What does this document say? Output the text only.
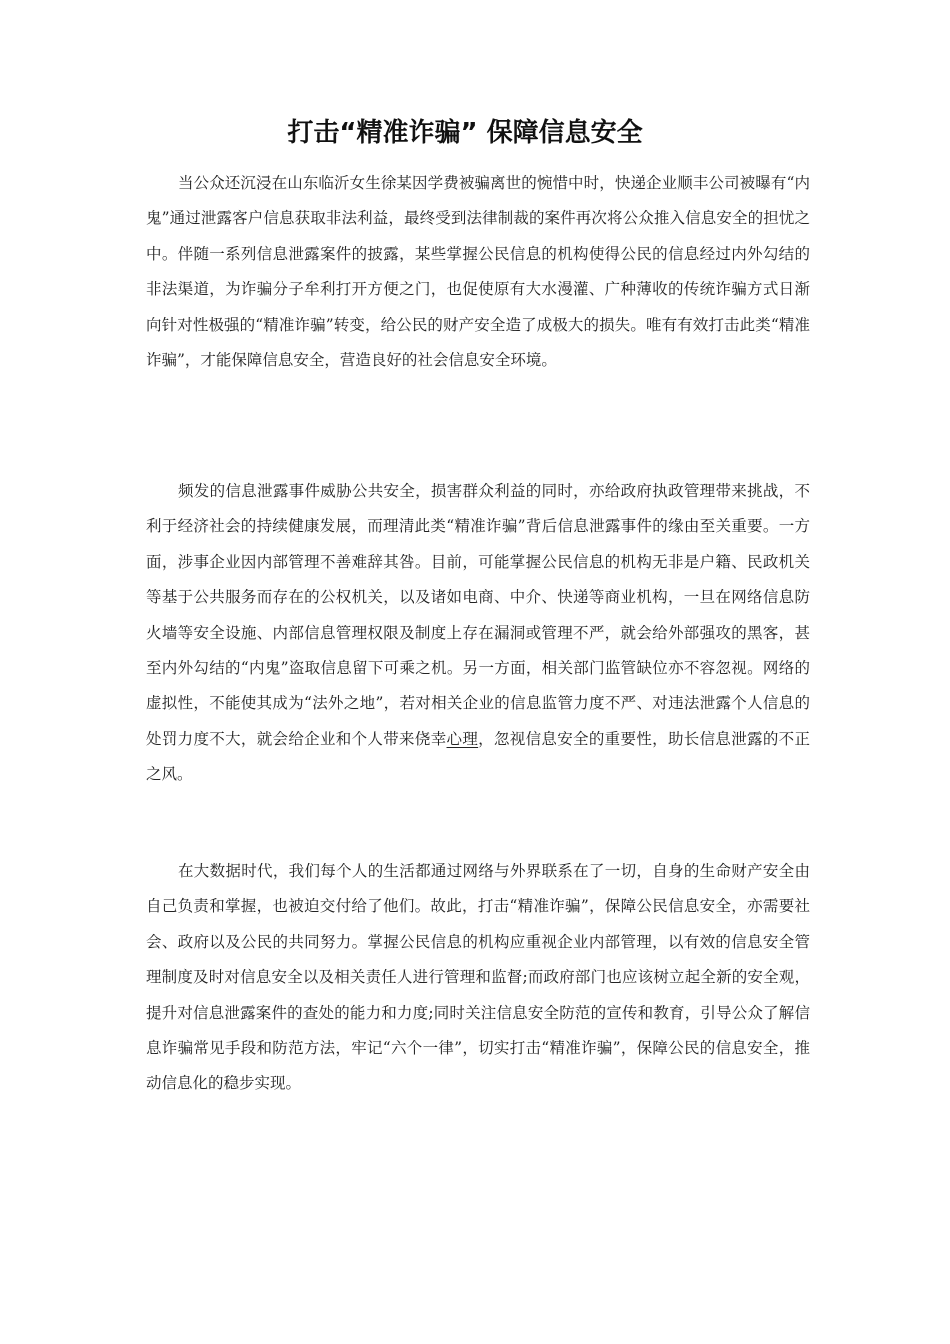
打击“精准诈骗” 保障信息安全

当公众还沉浸在山东临沂女生徐某因学费被骗离世的惋惜中时，快递企业顺丰公司被曝有“内鬼”通过泄露客户信息获取非法利益，最终受到法律制裁的案件再次将公众推入信息安全的担忧之中。伴随一系列信息泄露案件的披露，某些掌握公民信息的机构使得公民的信息经过内外勾结的非法渠道，为诈骗分子牟利打开方便之门，也促使原有大水漫灌、广种薄收的传统诈骗方式日渐向针对性极强的“精准诈骗”转变，给公民的财产安全造了成极大的损失。唯有有效打击此类“精准诈骗”，才能保障信息安全，营造良好的社会信息安全环境。

频发的信息泄露事件威胁公共安全，损害群众利益的同时，亦给政府执政管理带来挑战，不利于经济社会的持续健康发展，而理清此类“精准诈骗”背后信息泄露事件的缘由至关重要。一方面，涉事企业因内部管理不善难辞其咎。目前，可能掌握公民信息的机构无非是户籍、民政机关等基于公共服务而存在的公权机关，以及诸如电商、中介、快递等商业机构，一旦在网络信息防火墙等安全设施、内部信息管理权限及制度上存在漏洞或管理不严，就会给外部强攻的黑客，甚至内外勾结的“内鬼”盗取信息留下可乘之机。另一方面，相关部门监管缺位亦不容忽视。网络的虚拟性，不能使其成为“法外之地”，若对相关企业的信息监管力度不严、对违法泄露个人信息的处罚力度不大，就会给企业和个人带来侥幸心理，忽视信息安全的重要性，助长信息泄露的不正之风。

在大数据时代，我们每个人的生活都通过网络与外界联系在了一切，自身的生命财产安全由自己负责和掌握，也被迫交付给了他们。故此，打击“精准诈骗”，保障公民信息安全，亦需要社会、政府以及公民的共同努力。掌握公民信息的机构应重视企业内部管理，以有效的信息安全管理制度及时对信息安全以及相关责任人进行管理和监督;而政府部门也应该树立起全新的安全观，提升对信息泄露案件的查处的能力和力度;同时关注信息安全防范的宣传和教育，引导公众了解信息诈骗常见手段和防范方法，牢记“六个一律”，切实打击“精准诈骗”，保障公民的信息安全，推动信息化的稳步实现。
